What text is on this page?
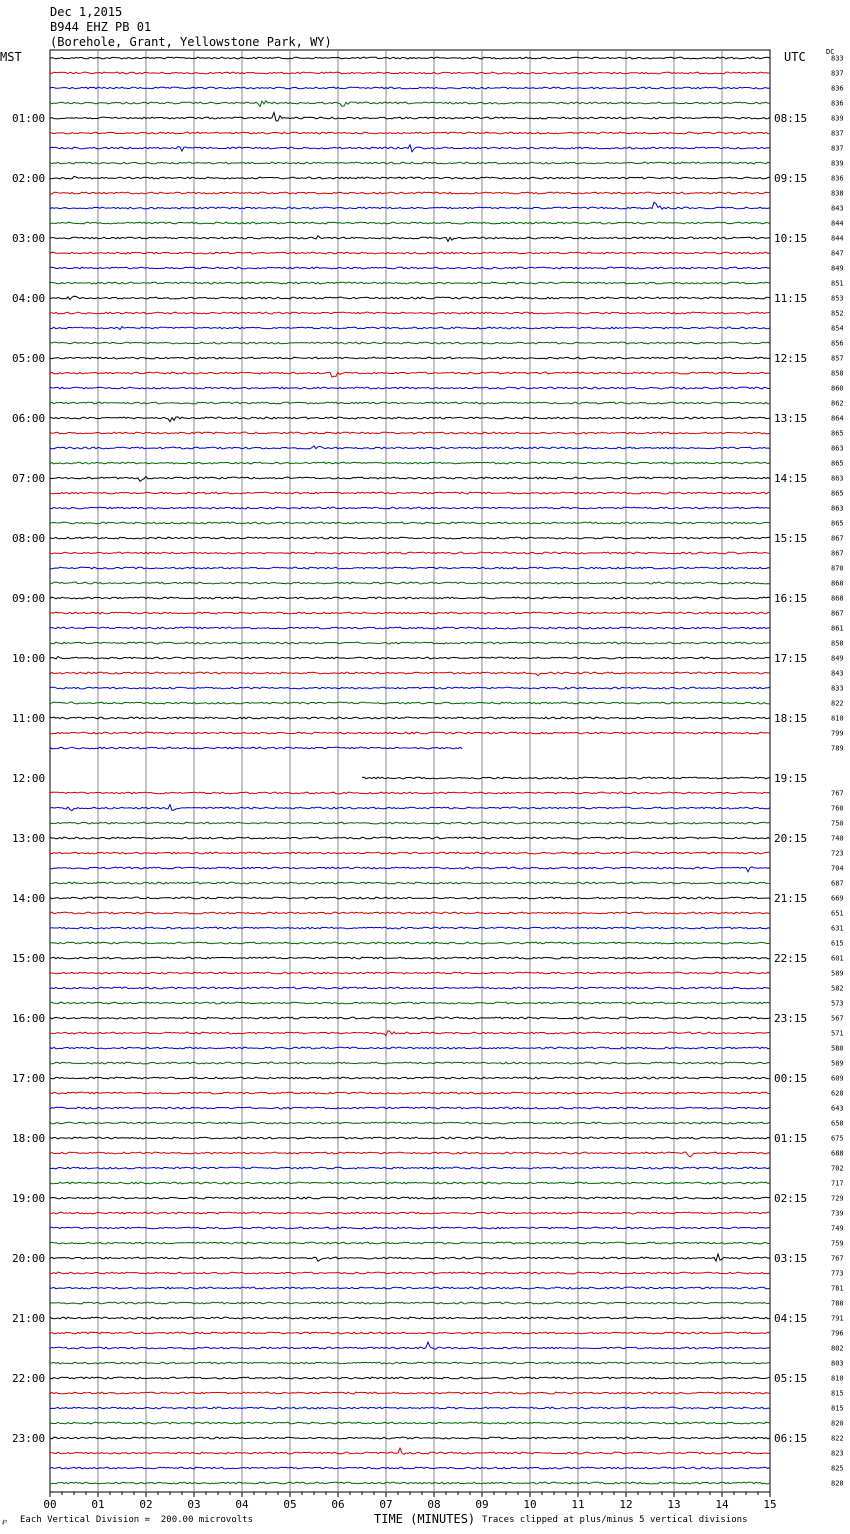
833
837
836
836
839
837
837
839
836
838
843
844
844
847
849
851
853
852
854
856
857
858
860
862
864
865
863
865
863
865
863
865
867
867
870
868
868
867
861
858
849
843
833
822
810
799
789
767
760
750
740
723
704
687
669
651
631
615
601
589
582
573
567
571
580
589
609
628
643
658
675
688
702
717
729
739
749
759
767
773
781
788
791
796
802
803
810
815
815
820
822
823
825
828
01:00
02:00
03:00
04:00
05:00
06:00
07:00
08:00
09:00
10:00
11:00
12:00
13:00
14:00
15:00
16:00
17:00
18:00
19:00
20:00
21:00
22:00
23:00
08:15
09:15
10:15
11:15
12:15
13:15
14:15
15:15
16:15
17:15
18:15
19:15
20:15
21:15
22:15
23:15
00:15
01:15
02:15
03:15
04:15
05:15
06:15
00	01	02	03	04	05	06	07	08	09	10	11	12	13	14	15
Dec 1,2015
B944 EHZ PB 01
(Borehole, Grant, Yellowstone Park, WY)
MST	UTC	DC
℘ Each Vertical Division =  200.00 microvolts	TIME (MINUTES) Traces clipped at plus/minus 5 vertical divisions
